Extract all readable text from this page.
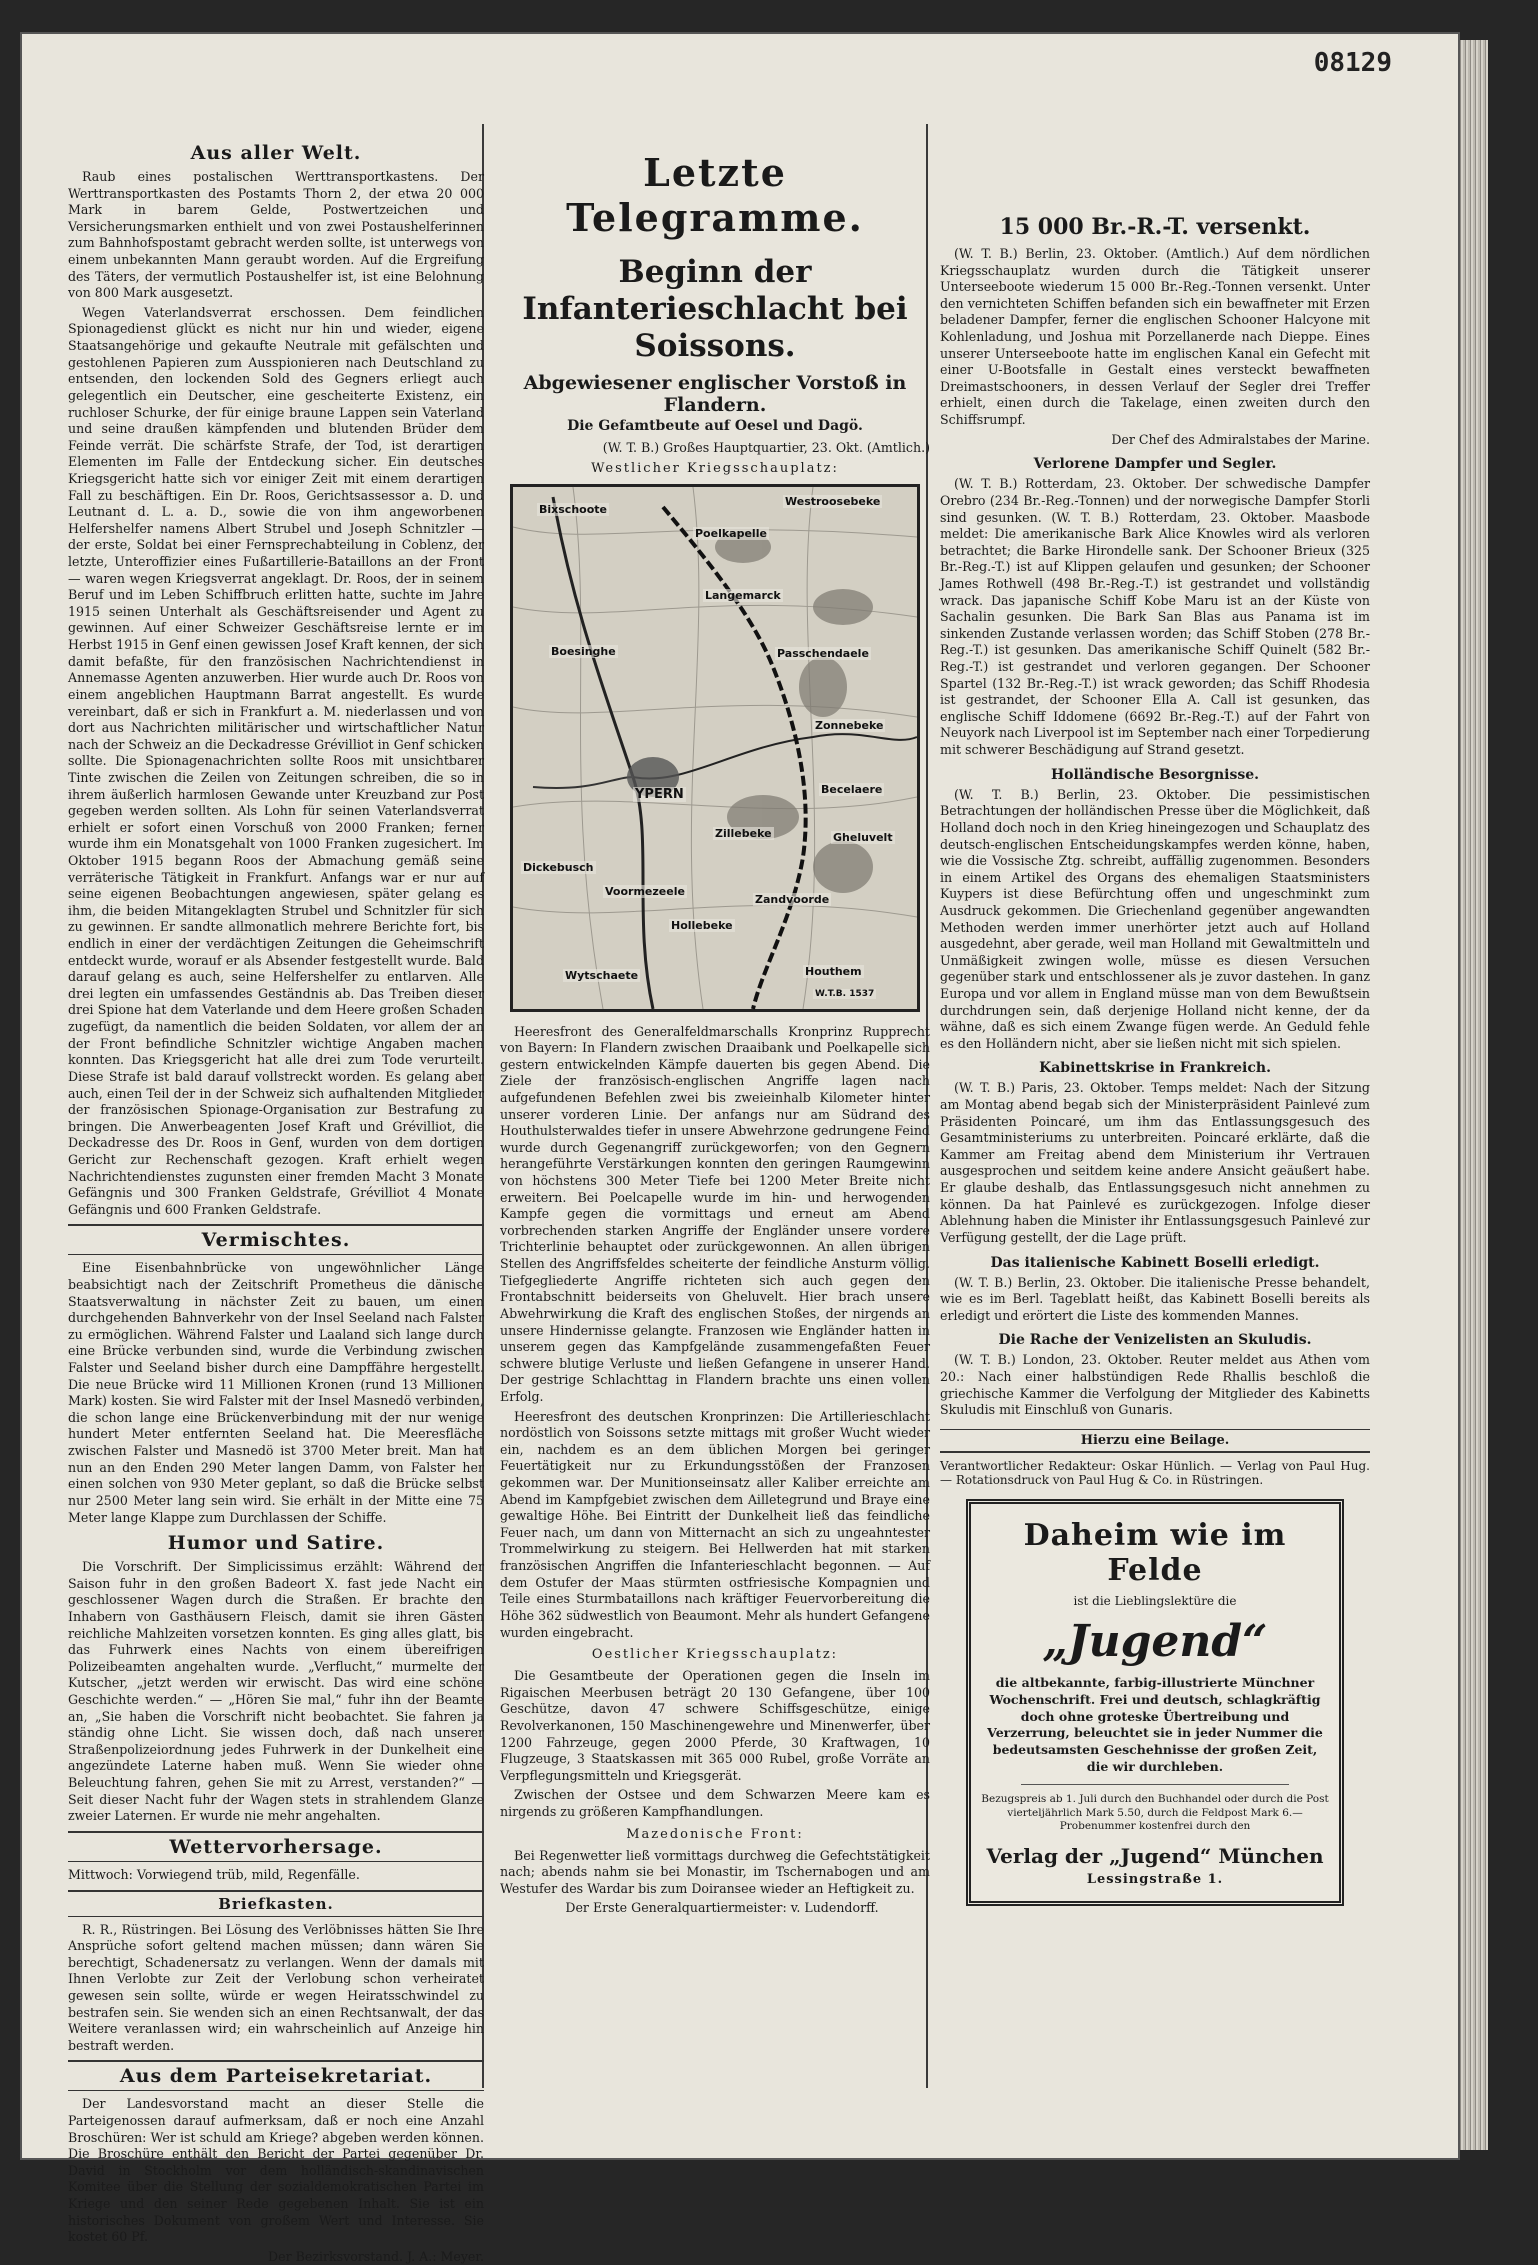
08129
Aus aller Welt.

Raub eines postalischen Werttransportkastens. Der Werttransportkasten des Postamts Thorn 2, der etwa 20 000 Mark in barem Gelde, Postwertzeichen und Versicherungsmarken enthielt und von zwei Postaushelferinnen zum Bahnhofspostamt gebracht werden sollte, ist unterwegs von einem unbekannten Mann geraubt worden. Auf die Ergreifung des Täters, der vermutlich Postaushelfer ist, ist eine Belohnung von 800 Mark ausgesetzt.

Wegen Vaterlandsverrat erschossen. Dem feindlichen Spionagedienst glückt es nicht nur hin und wieder, eigene Staatsangehörige und gekaufte Neutrale mit gefälschten und gestohlenen Papieren zum Ausspionieren nach Deutschland zu entsenden, den lockenden Sold des Gegners erliegt auch gelegentlich ein Deutscher, eine gescheiterte Existenz, ein ruchloser Schurke, der für einige braune Lappen sein Vaterland und seine draußen kämpfenden und blutenden Brüder dem Feinde verrät. Die schärfste Strafe, der Tod, ist derartigen Elementen im Falle der Entdeckung sicher. Ein deutsches Kriegsgericht hatte sich vor einiger Zeit mit einem derartigen Fall zu beschäftigen. Ein Dr. Roos, Gerichtsassessor a. D. und Leutnant d. L. a. D., sowie die von ihm angeworbenen Helfershelfer namens Albert Strubel und Joseph Schnitzler — der erste, Soldat bei einer Fernsprechabteilung in Coblenz, der letzte, Unteroffizier eines Fußartillerie-Bataillons an der Front — waren wegen Kriegsverrat angeklagt. Dr. Roos, der in seinem Beruf und im Leben Schiffbruch erlitten hatte, suchte im Jahre 1915 seinen Unterhalt als Geschäftsreisender und Agent zu gewinnen. Auf einer Schweizer Geschäftsreise lernte er im Herbst 1915 in Genf einen gewissen Josef Kraft kennen, der sich damit befaßte, für den französischen Nachrichtendienst in Annemasse Agenten anzuwerben. Hier wurde auch Dr. Roos von einem angeblichen Hauptmann Barrat angestellt. Es wurde vereinbart, daß er sich in Frankfurt a. M. niederlassen und von dort aus Nachrichten militärischer und wirtschaftlicher Natur nach der Schweiz an die Deckadresse Grévilliot in Genf schicken sollte. Die Spionagenachrichten sollte Roos mit unsichtbarer Tinte zwischen die Zeilen von Zeitungen schreiben, die so in ihrem äußerlich harmlosen Gewande unter Kreuzband zur Post gegeben werden sollten. Als Lohn für seinen Vaterlandsverrat erhielt er sofort einen Vorschuß von 2000 Franken; ferner wurde ihm ein Monatsgehalt von 1000 Franken zugesichert. Im Oktober 1915 begann Roos der Abmachung gemäß seine verräterische Tätigkeit in Frankfurt. Anfangs war er nur auf seine eigenen Beobachtungen angewiesen, später gelang es ihm, die beiden Mitangeklagten Strubel und Schnitzler für sich zu gewinnen. Er sandte allmonatlich mehrere Berichte fort, bis endlich in einer der verdächtigen Zeitungen die Geheimschrift entdeckt wurde, worauf er als Absender festgestellt wurde. Bald darauf gelang es auch, seine Helfershelfer zu entlarven. Alle drei legten ein umfassendes Geständnis ab. Das Treiben dieser drei Spione hat dem Vaterlande und dem Heere großen Schaden zugefügt, da namentlich die beiden Soldaten, vor allem der an der Front befindliche Schnitzler wichtige Angaben machen konnten. Das Kriegsgericht hat alle drei zum Tode verurteilt. Diese Strafe ist bald darauf vollstreckt worden. Es gelang aber auch, einen Teil der in der Schweiz sich aufhaltenden Mitglieder der französischen Spionage-Organisation zur Bestrafung zu bringen. Die Anwerbeagenten Josef Kraft und Grévilliot, die Deckadresse des Dr. Roos in Genf, wurden von dem dortigen Gericht zur Rechenschaft gezogen. Kraft erhielt wegen Nachrichtendienstes zugunsten einer fremden Macht 3 Monate Gefängnis und 300 Franken Geldstrafe, Grévilliot 4 Monate Gefängnis und 600 Franken Geldstrafe.

Vermischtes.

Eine Eisenbahnbrücke von ungewöhnlicher Länge beabsichtigt nach der Zeitschrift Prometheus die dänische Staatsverwaltung in nächster Zeit zu bauen, um einen durchgehenden Bahnverkehr von der Insel Seeland nach Falster zu ermöglichen. Während Falster und Laaland sich lange durch eine Brücke verbunden sind, wurde die Verbindung zwischen Falster und Seeland bisher durch eine Dampffähre hergestellt. Die neue Brücke wird 11 Millionen Kronen (rund 13 Millionen Mark) kosten. Sie wird Falster mit der Insel Masnedö verbinden, die schon lange eine Brückenverbindung mit der nur wenige hundert Meter entfernten Seeland hat. Die Meeresfläche zwischen Falster und Masnedö ist 3700 Meter breit. Man hat nun an den Enden 290 Meter langen Damm, von Falster her einen solchen von 930 Meter geplant, so daß die Brücke selbst nur 2500 Meter lang sein wird. Sie erhält in der Mitte eine 75 Meter lange Klappe zum Durchlassen der Schiffe.

Humor und Satire.

Die Vorschrift. Der Simplicissimus erzählt: Während der Saison fuhr in den großen Badeort X. fast jede Nacht ein geschlossener Wagen durch die Straßen. Er brachte den Inhabern von Gasthäusern Fleisch, damit sie ihren Gästen reichliche Mahlzeiten vorsetzen konnten. Es ging alles glatt, bis das Fuhrwerk eines Nachts von einem übereifrigen Polizeibeamten angehalten wurde. „Verflucht,“ murmelte der Kutscher, „jetzt werden wir erwischt. Das wird eine schöne Geschichte werden.“ — „Hören Sie mal,“ fuhr ihn der Beamte an, „Sie haben die Vorschrift nicht beobachtet. Sie fahren ja ständig ohne Licht. Sie wissen doch, daß nach unserer Straßenpolizeiordnung jedes Fuhrwerk in der Dunkelheit eine angezündete Laterne haben muß. Wenn Sie wieder ohne Beleuchtung fahren, gehen Sie mit zu Arrest, verstanden?“ — Seit dieser Nacht fuhr der Wagen stets in strahlendem Glanze zweier Laternen. Er wurde nie mehr angehalten.

Wettervorhersage.

Mittwoch: Vorwiegend trüb, mild, Regenfälle.

Briefkasten.

R. R., Rüstringen. Bei Lösung des Verlöbnisses hätten Sie Ihre Ansprüche sofort geltend machen müssen; dann wären Sie berechtigt, Schadenersatz zu verlangen. Wenn der damals mit Ihnen Verlobte zur Zeit der Verlobung schon verheiratet gewesen sein sollte, würde er wegen Heiratsschwindel zu bestrafen sein. Sie wenden sich an einen Rechtsanwalt, der das Weitere veranlassen wird; ein wahrscheinlich auf Anzeige hin bestraft werden.

Aus dem Parteisekretariat.

Der Landesvorstand macht an dieser Stelle die Parteigenossen darauf aufmerksam, daß er noch eine Anzahl Broschüren: Wer ist schuld am Kriege? abgeben werden können. Die Broschüre enthält den Bericht der Partei gegenüber Dr. David in Stockholm vor dem holländisch-skandinavischen Komitee über die Stellung der sozialdemokratischen Partei im Kriege und den seiner Rede gegebenen Inhalt. Sie ist ein historisches Dokument von großem Wert und Interesse. Sie kostet 60 Pf.

Der Bezirksvorstand. J. A.: Meyer.

Letzte Telegramme.
Beginn der Infanterieschlacht bei Soissons.
Abgewiesener englischer Vorstoß in Flandern.
Die Gefamtbeute auf Oesel und Dagö.
(W. T. B.) Großes Hauptquartier, 23. Okt. (Amtlich.)
Westlicher Kriegsschauplatz:
Bixschoote
Westroosebeke
Poelkapelle
Langemarck
Boesinghe	Passchendaele
Zonnebeke
YPERN	Becelaere
Gheluvelt
Zillebeke
Dickebusch
Voormezeele
Zandvoorde
Hollebeke
Wytschaete	Houthem
W.T.B. 1537

Heeresfront des Generalfeldmarschalls Kronprinz Rupprecht von Bayern: In Flandern zwischen Draaibank und Poelkapelle sich gestern entwickelnden Kämpfe dauerten bis gegen Abend. Die Ziele der französisch-englischen Angriffe lagen nach aufgefundenen Befehlen zwei bis zweieinhalb Kilometer hinter unserer vorderen Linie. Der anfangs nur am Südrand des Houthulsterwaldes tiefer in unsere Abwehrzone gedrungene Feind wurde durch Gegenangriff zurückgeworfen; von den Gegnern herangeführte Verstärkungen konnten den geringen Raumgewinn von höchstens 300 Meter Tiefe bei 1200 Meter Breite nicht erweitern. Bei Poelcapelle wurde im hin- und herwogenden Kampfe gegen die vormittags und erneut am Abend vorbrechenden starken Angriffe der Engländer unsere vordere Trichterlinie behauptet oder zurückgewonnen. An allen übrigen Stellen des Angriffsfeldes scheiterte der feindliche Ansturm völlig. Tiefgegliederte Angriffe richteten sich auch gegen den Frontabschnitt beiderseits von Gheluvelt. Hier brach unsere Abwehrwirkung die Kraft des englischen Stoßes, der nirgends an unsere Hindernisse gelangte. Franzosen wie Engländer hatten in unserem gegen das Kampfgelände zusammengefaßten Feuer schwere blutige Verluste und ließen Gefangene in unserer Hand. Der gestrige Schlachttag in Flandern brachte uns einen vollen Erfolg.

Heeresfront des deutschen Kronprinzen: Die Artillerieschlacht nordöstlich von Soissons setzte mittags mit großer Wucht wieder ein, nachdem es an dem üblichen Morgen bei geringer Feuertätigkeit nur zu Erkundungsstößen der Franzosen gekommen war. Der Munitionseinsatz aller Kaliber erreichte am Abend im Kampfgebiet zwischen dem Ailletegrund und Braye eine gewaltige Höhe. Bei Eintritt der Dunkelheit ließ das feindliche Feuer nach, um dann von Mitternacht an sich zu ungeahntester Trommelwirkung zu steigern. Bei Hellwerden hat mit starken französischen Angriffen die Infanterieschlacht begonnen. — Auf dem Ostufer der Maas stürmten ostfriesische Kompagnien und Teile eines Sturmbataillons nach kräftiger Feuervorbereitung die Höhe 362 südwestlich von Beaumont. Mehr als hundert Gefangene wurden eingebracht.

Oestlicher Kriegsschauplatz:

Die Gesamtbeute der Operationen gegen die Inseln im Rigaischen Meerbusen beträgt 20 130 Gefangene, über 100 Geschütze, davon 47 schwere Schiffsgeschütze, einige Revolverkanonen, 150 Maschinengewehre und Minenwerfer, über 1200 Fahrzeuge, gegen 2000 Pferde, 30 Kraftwagen, 10 Flugzeuge, 3 Staatskassen mit 365 000 Rubel, große Vorräte an Verpflegungsmitteln und Kriegsgerät.

Zwischen der Ostsee und dem Schwarzen Meere kam es nirgends zu größeren Kampfhandlungen.

Mazedonische Front:

Bei Regenwetter ließ vormittags durchweg die Gefechtstätigkeit nach; abends nahm sie bei Monastir, im Tschernabogen und am Westufer des Wardar bis zum Doiransee wieder an Heftigkeit zu.

Der Erste Generalquartiermeister: v. Ludendorff.

15 000 Br.-R.-T. versenkt.

(W. T. B.) Berlin, 23. Oktober. (Amtlich.) Auf dem nördlichen Kriegsschauplatz wurden durch die Tätigkeit unserer Unterseeboote wiederum 15 000 Br.-Reg.-Tonnen versenkt. Unter den vernichteten Schiffen befanden sich ein bewaffneter mit Erzen beladener Dampfer, ferner die englischen Schooner Halcyone mit Kohlenladung, und Joshua mit Porzellanerde nach Dieppe. Eines unserer Unterseeboote hatte im englischen Kanal ein Gefecht mit einer U-Bootsfalle in Gestalt eines versteckt bewaffneten Dreimastschooners, in dessen Verlauf der Segler drei Treffer erhielt, einen durch die Takelage, einen zweiten durch den Schiffsrumpf.

Der Chef des Admiralstabes der Marine.

Verlorene Dampfer und Segler.

(W. T. B.) Rotterdam, 23. Oktober. Der schwedische Dampfer Orebro (234 Br.-Reg.-Tonnen) und der norwegische Dampfer Storli sind gesunken. (W. T. B.) Rotterdam, 23. Oktober. Maasbode meldet: Die amerikanische Bark Alice Knowles wird als verloren betrachtet; die Barke Hirondelle sank. Der Schooner Brieux (325 Br.-Reg.-T.) ist auf Klippen gelaufen und gesunken; der Schooner James Rothwell (498 Br.-Reg.-T.) ist gestrandet und vollständig wrack. Das japanische Schiff Kobe Maru ist an der Küste von Sachalin gesunken. Die Bark San Blas aus Panama ist im sinkenden Zustande verlassen worden; das Schiff Stoben (278 Br.-Reg.-T.) ist gesunken. Das amerikanische Schiff Quinelt (582 Br.-Reg.-T.) ist gestrandet und verloren gegangen. Der Schooner Spartel (132 Br.-Reg.-T.) ist wrack geworden; das Schiff Rhodesia ist gestrandet, der Schooner Ella A. Call ist gesunken, das englische Schiff Iddomene (6692 Br.-Reg.-T.) auf der Fahrt von Neuyork nach Liverpool ist im September nach einer Torpedierung mit schwerer Beschädigung auf Strand gesetzt.

Holländische Besorgnisse.

(W. T. B.) Berlin, 23. Oktober. Die pessimistischen Betrachtungen der holländischen Presse über die Möglichkeit, daß Holland doch noch in den Krieg hineingezogen und Schauplatz des deutsch-englischen Entscheidungskampfes werden könne, haben, wie die Vossische Ztg. schreibt, auffällig zugenommen. Besonders in einem Artikel des Organs des ehemaligen Staatsministers Kuypers ist diese Befürchtung offen und ungeschminkt zum Ausdruck gekommen. Die Griechenland gegenüber angewandten Methoden werden immer unerhörter jetzt auch auf Holland ausgedehnt, aber gerade, weil man Holland mit Gewaltmitteln und Unmäßigkeit zwingen wolle, müsse es diesen Versuchen gegenüber stark und entschlossener als je zuvor dastehen. In ganz Europa und vor allem in England müsse man von dem Bewußtsein durchdrungen sein, daß derjenige Holland nicht kenne, der da wähne, daß es sich einem Zwange fügen werde. An Geduld fehle es den Holländern nicht, aber sie ließen nicht mit sich spielen.

Kabinettskrise in Frankreich.

(W. T. B.) Paris, 23. Oktober. Temps meldet: Nach der Sitzung am Montag abend begab sich der Ministerpräsident Painlevé zum Präsidenten Poincaré, um ihm das Entlassungsgesuch des Gesamtministeriums zu unterbreiten. Poincaré erklärte, daß die Kammer am Freitag abend dem Ministerium ihr Vertrauen ausgesprochen und seitdem keine andere Ansicht geäußert habe. Er glaube deshalb, das Entlassungsgesuch nicht annehmen zu können. Da hat Painlevé es zurückgezogen. Infolge dieser Ablehnung haben die Minister ihr Entlassungsgesuch Painlevé zur Verfügung gestellt, der die Lage prüft.

Das italienische Kabinett Boselli erledigt.

(W. T. B.) Berlin, 23. Oktober. Die italienische Presse behandelt, wie es im Berl. Tageblatt heißt, das Kabinett Boselli bereits als erledigt und erörtert die Liste des kommenden Mannes.

Die Rache der Venizelisten an Skuludis.

(W. T. B.) London, 23. Oktober. Reuter meldet aus Athen vom 20.: Nach einer halbstündigen Rede Rhallis beschloß die griechische Kammer die Verfolgung der Mitglieder des Kabinetts Skuludis mit Einschluß von Gunaris.

Hierzu eine Beilage.
Verantwortlicher Redakteur: Oskar Hünlich. — Verlag von Paul Hug. — Rotationsdruck von Paul Hug & Co. in Rüstringen.
Daheim wie im Felde
ist die Lieblingslektüre die
„Jugend“
die altbekannte, farbig-illustrierte Münchner Wochenschrift. Frei und deutsch, schlagkräftig doch ohne groteske Übertreibung und Verzerrung, beleuchtet sie in jeder Nummer die bedeutsamsten Geschehnisse der großen Zeit, die wir durchleben.
Bezugspreis ab 1. Juli durch den Buchhandel oder durch die Post vierteljährlich Mark 5.50, durch die Feldpost Mark 6.— Probenummer kostenfrei durch den
Verlag der „Jugend“ München
Lessingstraße 1.
